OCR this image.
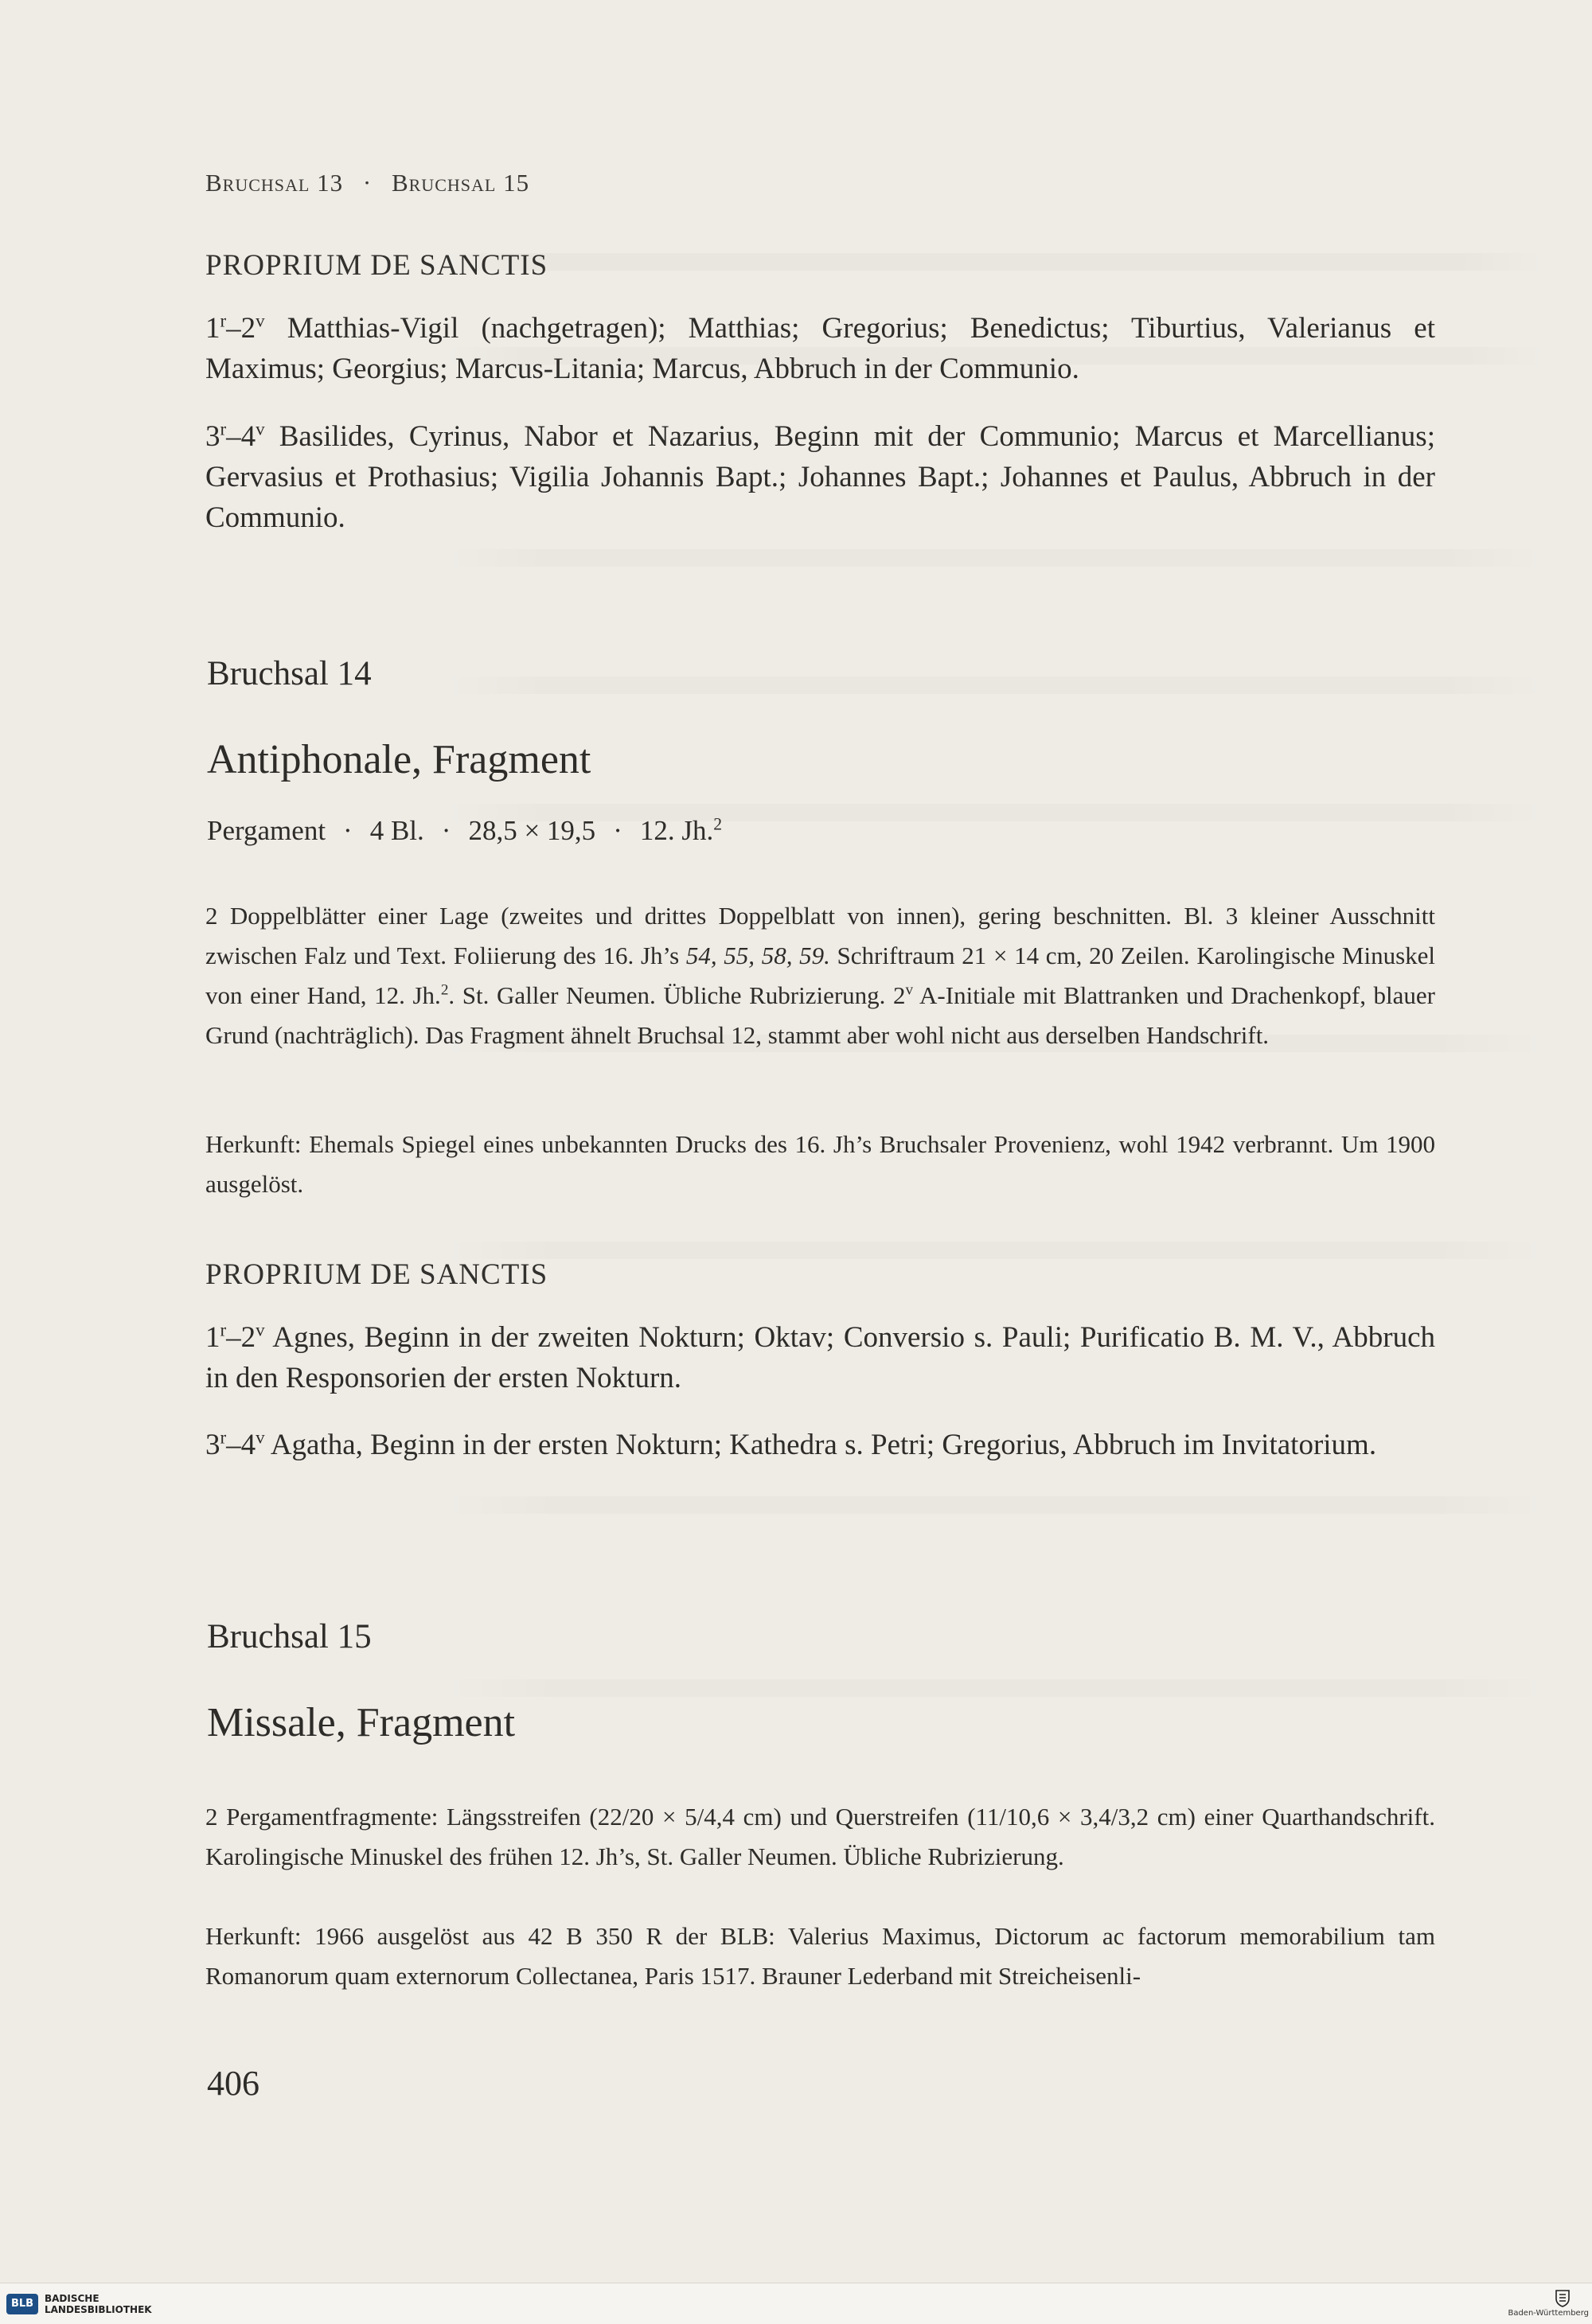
Bruchsal 13 · Bruchsal 15
PROPRIUM DE SANCTIS
1$^r$–2$^v$ Matthias-Vigil (nachgetragen); Matthias; Gregorius; Benedictus; Tiburtius, Valerianus et Maximus; Georgius; Marcus-Litania; Marcus, Abbruch in der Communio.
3$^r$–4$^v$ Basilides, Cyrinus, Nabor et Nazarius, Beginn mit der Communio; Marcus et Marcellianus; Gervasius et Prothasius; Vigilia Johannis Bapt.; Johannes Bapt.; Johannes et Paulus, Abbruch in der Communio.
Bruchsal 14
Antiphonale, Fragment
Pergament · 4 Bl. · 28,5 × 19,5 · 12. Jh.$^2$
2 Doppelblätter einer Lage (zweites und drittes Doppelblatt von innen), gering beschnitten. Bl. 3 kleiner Ausschnitt zwischen Falz und Text. Foliierung des 16. Jh’s 54, 55, 58, 59. Schriftraum 21 × 14 cm, 20 Zeilen. Karolingische Minuskel von einer Hand, 12. Jh.$^2$. St. Galler Neumen. Übliche Rubrizierung. 2$^v$ A-Initiale mit Blattranken und Drachenkopf, blauer Grund (nachträglich). Das Fragment ähnelt Bruchsal 12, stammt aber wohl nicht aus derselben Handschrift.
Herkunft: Ehemals Spiegel eines unbekannten Drucks des 16. Jh’s Bruchsaler Provenienz, wohl 1942 verbrannt. Um 1900 ausgelöst.
PROPRIUM DE SANCTIS
1$^r$–2$^v$ Agnes, Beginn in der zweiten Nokturn; Oktav; Conversio s. Pauli; Purificatio B. M. V., Abbruch in den Responsorien der ersten Nokturn.
3$^r$–4$^v$ Agatha, Beginn in der ersten Nokturn; Kathedra s. Petri; Gregorius, Abbruch im Invitatorium.
Bruchsal 15
Missale, Fragment
2 Pergamentfragmente: Längsstreifen (22/20 × 5/4,4 cm) und Querstreifen (11/10,6 × 3,4/3,2 cm) einer Quarthandschrift. Karolingische Minuskel des frühen 12. Jh’s, St. Galler Neumen. Übliche Rubrizierung.
Herkunft: 1966 ausgelöst aus 42 B 350 R der BLB: Valerius Maximus, Dictorum ac factorum memorabilium tam Romanorum quam externorum Collectanea, Paris 1517. Brauner Lederband mit Streicheisenli-
406
BLB	BADISCHE
LANDESBIBLIOTHEK	Baden-Württemberg
